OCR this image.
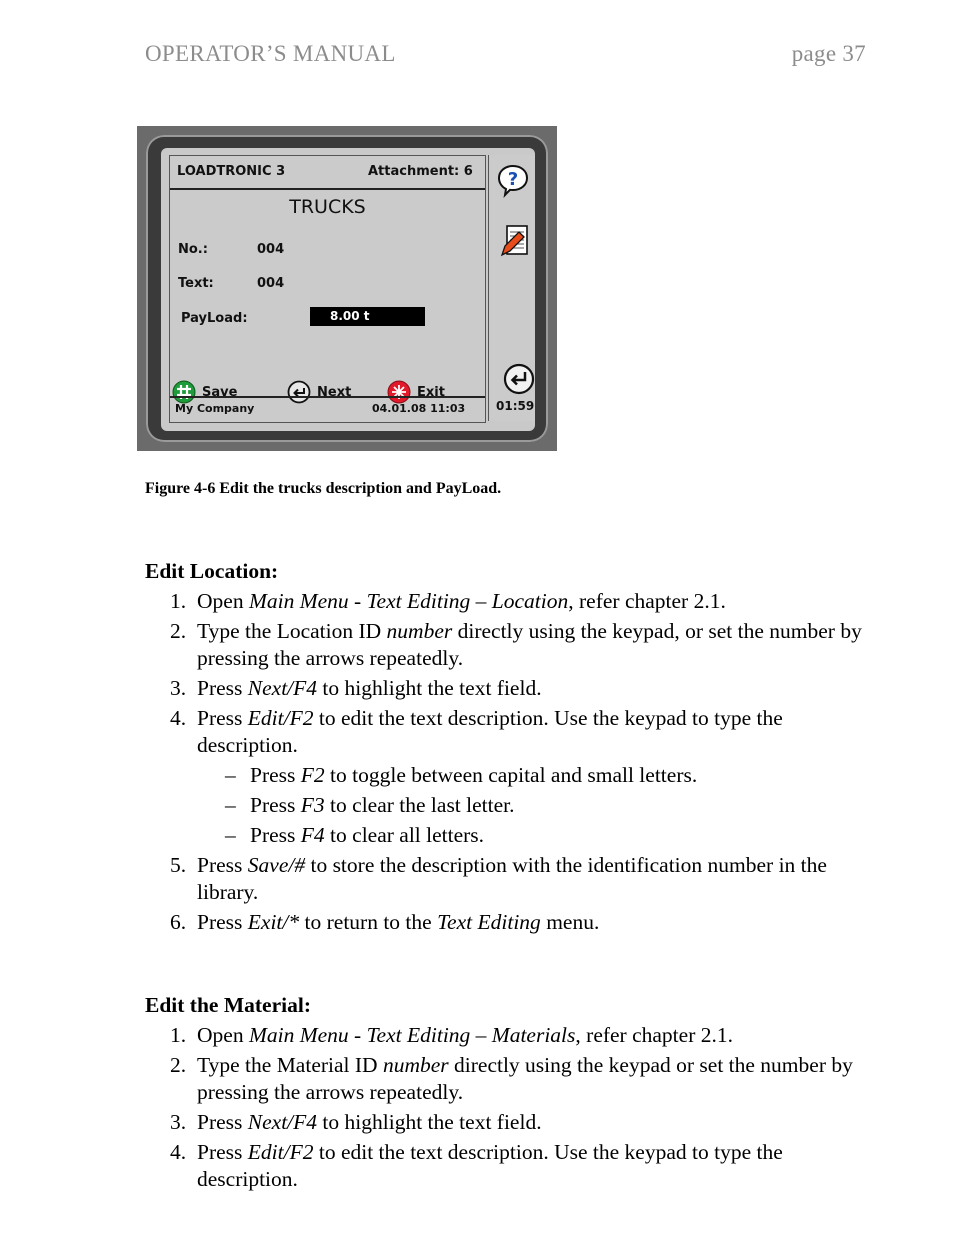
OPERATOR’S MANUAL	page 37
LOADTRONIC 3	Attachment: 6
TRUCKS
No.:	004
Text:	004
PayLoad:	8.00 t
Save	Next	Exit
My Company	04.01.08 11:03
?
01:59
Figure 4-6 Edit the trucks description and PayLoad.
Edit Location:
1. Open Main Menu - Text Editing – Location, refer chapter 2.1.
2. Type the Location ID number directly using the keypad, or set the number by pressing the arrows repeatedly.
3. Press Next/F4 to highlight the text field.
4. Press Edit/F2 to edit the text description. Use the keypad to type the description.
– Press F2 to toggle between capital and small letters.
– Press F3 to clear the last letter.
– Press F4 to clear all letters.
5. Press Save/# to store the description with the identification number in the library.
6. Press Exit/* to return to the Text Editing menu.
Edit the Material:
1. Open Main Menu - Text Editing – Materials, refer chapter 2.1.
2. Type the Material ID number directly using the keypad or set the number by pressing the arrows repeatedly.
3. Press Next/F4 to highlight the text field.
4. Press Edit/F2 to edit the text description. Use the keypad to type the description.
